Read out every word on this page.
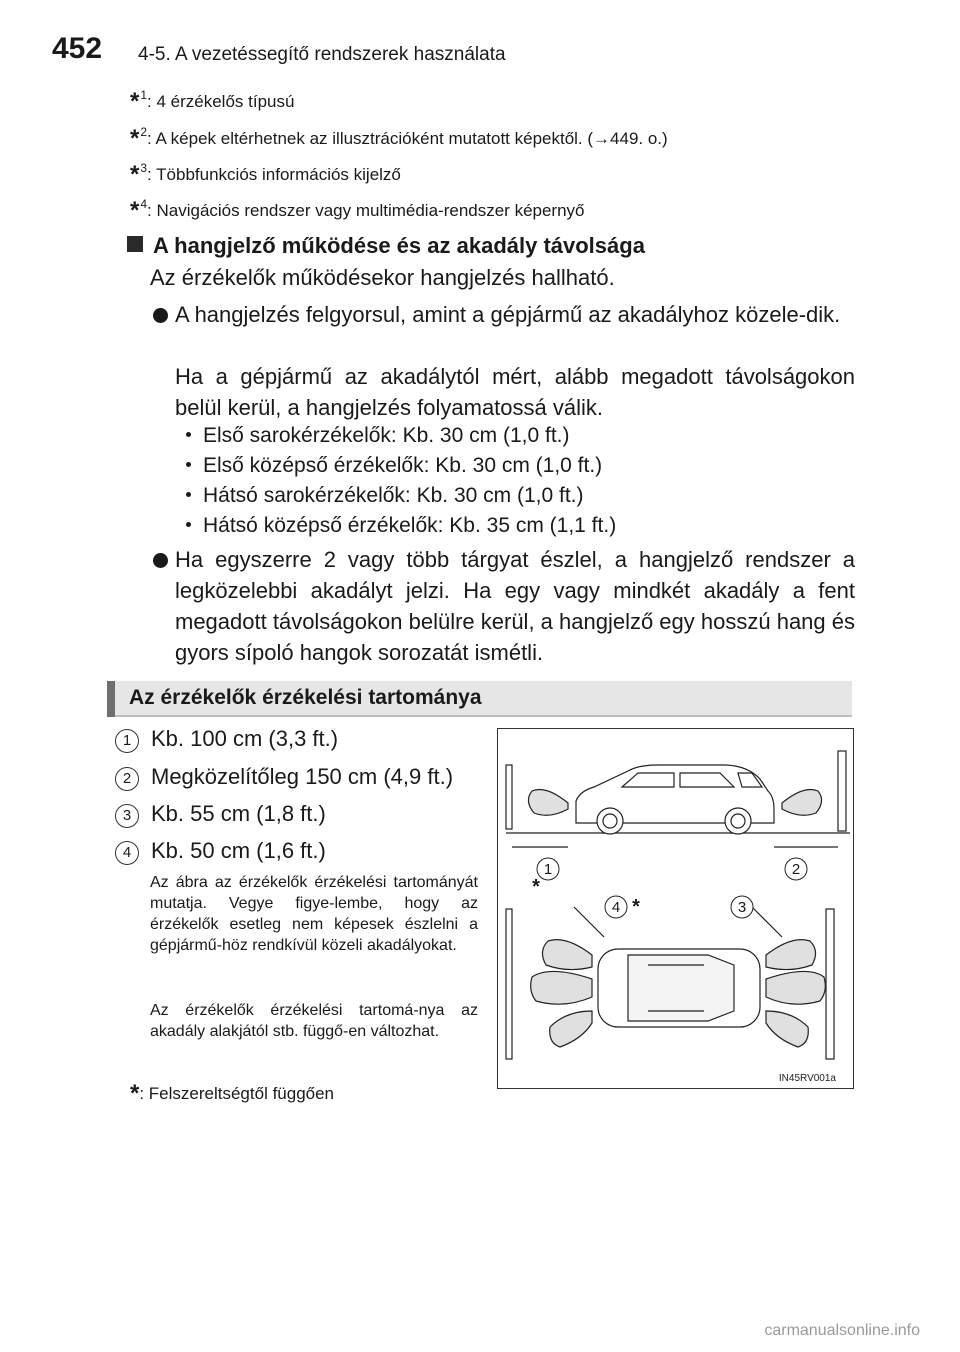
452 4-5. A vezetéssegítő rendszerek használata
*$^1$: 4 érzékelős típusú
*$^2$: A képek eltérhetnek az illusztrációként mutatott képektől. (→449. o.)
*$^3$: Többfunkciós információs kijelző
*$^4$: Navigációs rendszer vagy multimédia-rendszer képernyő
A hangjelző működése és az akadály távolsága
Az érzékelők működésekor hangjelzés hallható.
A hangjelzés felgyorsul, amint a gépjármű az akadályhoz közele-dik.
Ha a gépjármű az akadálytól mért, alább megadott távolságokon belül kerül, a hangjelzés folyamatossá válik.
Első sarokérzékelők: Kb. 30 cm (1,0 ft.)
Első középső érzékelők: Kb. 30 cm (1,0 ft.)
Hátsó sarokérzékelők: Kb. 30 cm (1,0 ft.)
Hátsó középső érzékelők: Kb. 35 cm (1,1 ft.)
Ha egyszerre 2 vagy több tárgyat észlel, a hangjelző rendszer a legközelebbi akadályt jelzi. Ha egy vagy mindkét akadály a fent megadott távolságokon belülre kerül, a hangjelző egy hosszú hang és gyors sípoló hangok sorozatát ismétli.
Az érzékelők érzékelési tartománya
1 Kb. 100 cm (3,3 ft.)
2 Megközelítőleg 150 cm (4,9 ft.)
3 Kb. 55 cm (1,8 ft.)
4 Kb. 50 cm (1,6 ft.)
Az ábra az érzékelők érzékelési tartományát mutatja. Vegye figye-lembe, hogy az érzékelők esetleg nem képesek észlelni a gépjármű-höz rendkívül közeli akadályokat.
Az érzékelők érzékelési tartomá-nya az akadály alakjától stb. függő-en változhat.
*: Felszereltségtől függően
1	2
3
4
*
*
IN45RV001a
carmanualsonline.info
